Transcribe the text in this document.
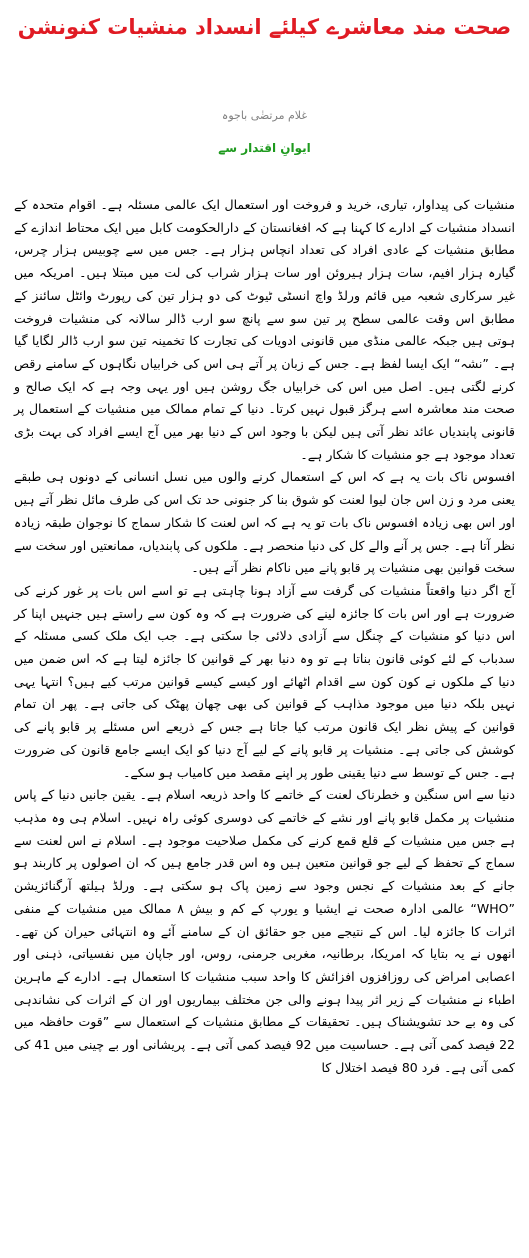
صحت مند معاشرے کیلئے انسداد منشیات کنونشن
غلام مرتضٰی باجوہ
ایوانِ اقتدار سے

منشیات کی پیداوار، تیاری، خرید و فروخت اور استعمال ایک عالمی مسئلہ ہے۔ اقوام متحدہ کے انسداد منشیات کے ادارے کا کہنا ہے کہ افغانستان کے دارالحکومت کابل میں ایک محتاط اندازے کے مطابق منشیات کے عادی افراد کی تعداد انچاس ہزار ہے۔ جس میں سے چوبیس ہزار چرس، گیارہ ہزار افیم، سات ہزار ہیروئن اور سات ہزار شراب کی لت میں مبتلا ہیں۔ امریکہ میں غیر سرکاری شعبہ میں قائم ورلڈ واچ انسٹی ٹیوٹ کی دو ہزار تین کی رپورٹ وائٹل سائنز کے مطابق اس وقت عالمی سطح پر تین سو سے پانچ سو ارب ڈالر سالانہ کی منشیات فروخت ہوتی ہیں جبکہ عالمی منڈی میں قانونی ادویات کی تجارت کا تخمینہ تین سو ارب ڈالر لگایا گیا ہے۔ ”نشہ“ ایک ایسا لفظ ہے۔ جس کے زبان پر آتے ہی اس کی خرابیاں نگاہوں کے سامنے رقص کرنے لگتی ہیں۔ اصل میں اس کی خرابیاں جگ روشن ہیں اور یہی وجہ ہے کہ ایک صالح و صحت مند معاشرہ اسے ہرگز قبول نہیں کرتا۔ دنیا کے تمام ممالک میں منشیات کے استعمال پر قانونی پابندیاں عائد نظر آتی ہیں لیکن با وجود اس کے دنیا بھر میں آج ایسے افراد کی بہت بڑی تعداد موجود ہے جو منشیات کا شکار ہے۔

افسوس ناک بات یہ ہے کہ اس کے استعمال کرنے والوں میں نسل انسانی کے دونوں ہی طبقے یعنی مرد و زن اس جان لیوا لعنت کو شوق بنا کر جنونی حد تک اس کی طرف مائل نظر آتے ہیں اور اس بھی زیادہ افسوس ناک بات تو یہ ہے کہ اس لعنت کا شکار سماج کا نوجوان طبقہ زیادہ نظر آتا ہے۔ جس پر آنے والے کل کی دنیا منحصر ہے۔ ملکوں کی پابندیاں، ممانعتیں اور سخت سے سخت قوانین بھی منشیات پر قابو پانے میں ناکام نظر آتے ہیں۔

آج اگر دنیا واقعتاً منشیات کی گرفت سے آزاد ہونا چاہتی ہے تو اسے اس بات پر غور کرنے کی ضرورت ہے اور اس بات کا جائزہ لینے کی ضرورت ہے کہ وہ کون سے راستے ہیں جنہیں اپنا کر اس دنیا کو منشیات کے چنگل سے آزادی دلائی جا سکتی ہے۔ جب ایک ملک کسی مسئلہ کے سدباب کے لئے کوئی قانون بناتا ہے تو وہ دنیا بھر کے قوانین کا جائزہ لیتا ہے کہ اس ضمن میں دنیا کے ملکوں نے کون کون سے اقدام اٹھائے اور کیسے کیسے قوانین مرتب کیے ہیں؟ انتہا یہی نہیں بلکہ دنیا میں موجود مذاہب کے قوانین کی بھی چھان پھٹک کی جاتی ہے۔ پھر ان تمام قوانین کے پیش نظر ایک قانون مرتب کیا جاتا ہے جس کے ذریعے اس مسئلے پر قابو پانے کی کوشش کی جاتی ہے۔ منشیات پر قابو پانے کے لیے آج دنیا کو ایک ایسے جامع قانون کی ضرورت ہے۔ جس کے توسط سے دنیا یقینی طور پر اپنے مقصد میں کامیاب ہو سکے۔

دنیا سے اس سنگین و خطرناک لعنت کے خاتمے کا واحد ذریعہ اسلام ہے۔ یقین جانیں دنیا کے پاس منشیات پر مکمل قابو پانے اور نشے کے خاتمے کی دوسری کوئی راہ نہیں۔ اسلام ہی وہ مذہب ہے جس میں منشیات کے قلع قمع کرنے کی مکمل صلاحیت موجود ہے۔ اسلام نے اس لعنت سے سماج کے تحفظ کے لیے جو قوانین متعین ہیں وہ اس قدر جامع ہیں کہ ان اصولوں پر کاربند ہو جانے کے بعد منشیات کے نجس وجود سے زمین پاک ہو سکتی ہے۔ ورلڈ ہیلتھ آرگنائزیشن ”WHO“ عالمی ادارہ صحت نے ایشیا و یورپ کے کم و بیش ۸ ممالک میں منشیات کے منفی اثرات کا جائزہ لیا۔ اس کے نتیجے میں جو حقائق ان کے سامنے آئے وہ انتہائی حیران کن تھے۔ انھوں نے یہ بتایا کہ امریکا، برطانیہ، مغربی جرمنی، روس، اور جاپان میں نفسیاتی، ذہنی اور اعصابی امراض کی روزافزوں افزائش کا واحد سبب منشیات کا استعمال ہے۔ ادارے کے ماہرین اطباء نے منشیات کے زیر اثر پیدا ہونے والی جن مختلف بیماریوں اور ان کے اثرات کی نشاندہی کی وہ بے حد تشویشناک ہیں۔ تحقیقات کے مطابق منشیات کے استعمال سے ”قوت حافظہ میں 22 فیصد کمی آتی ہے۔ حساسیت میں 92 فیصد کمی آتی ہے۔ پریشانی اور بے چینی میں 41 کی کمی آتی ہے۔ فرد 80 فیصد اختلال کا
